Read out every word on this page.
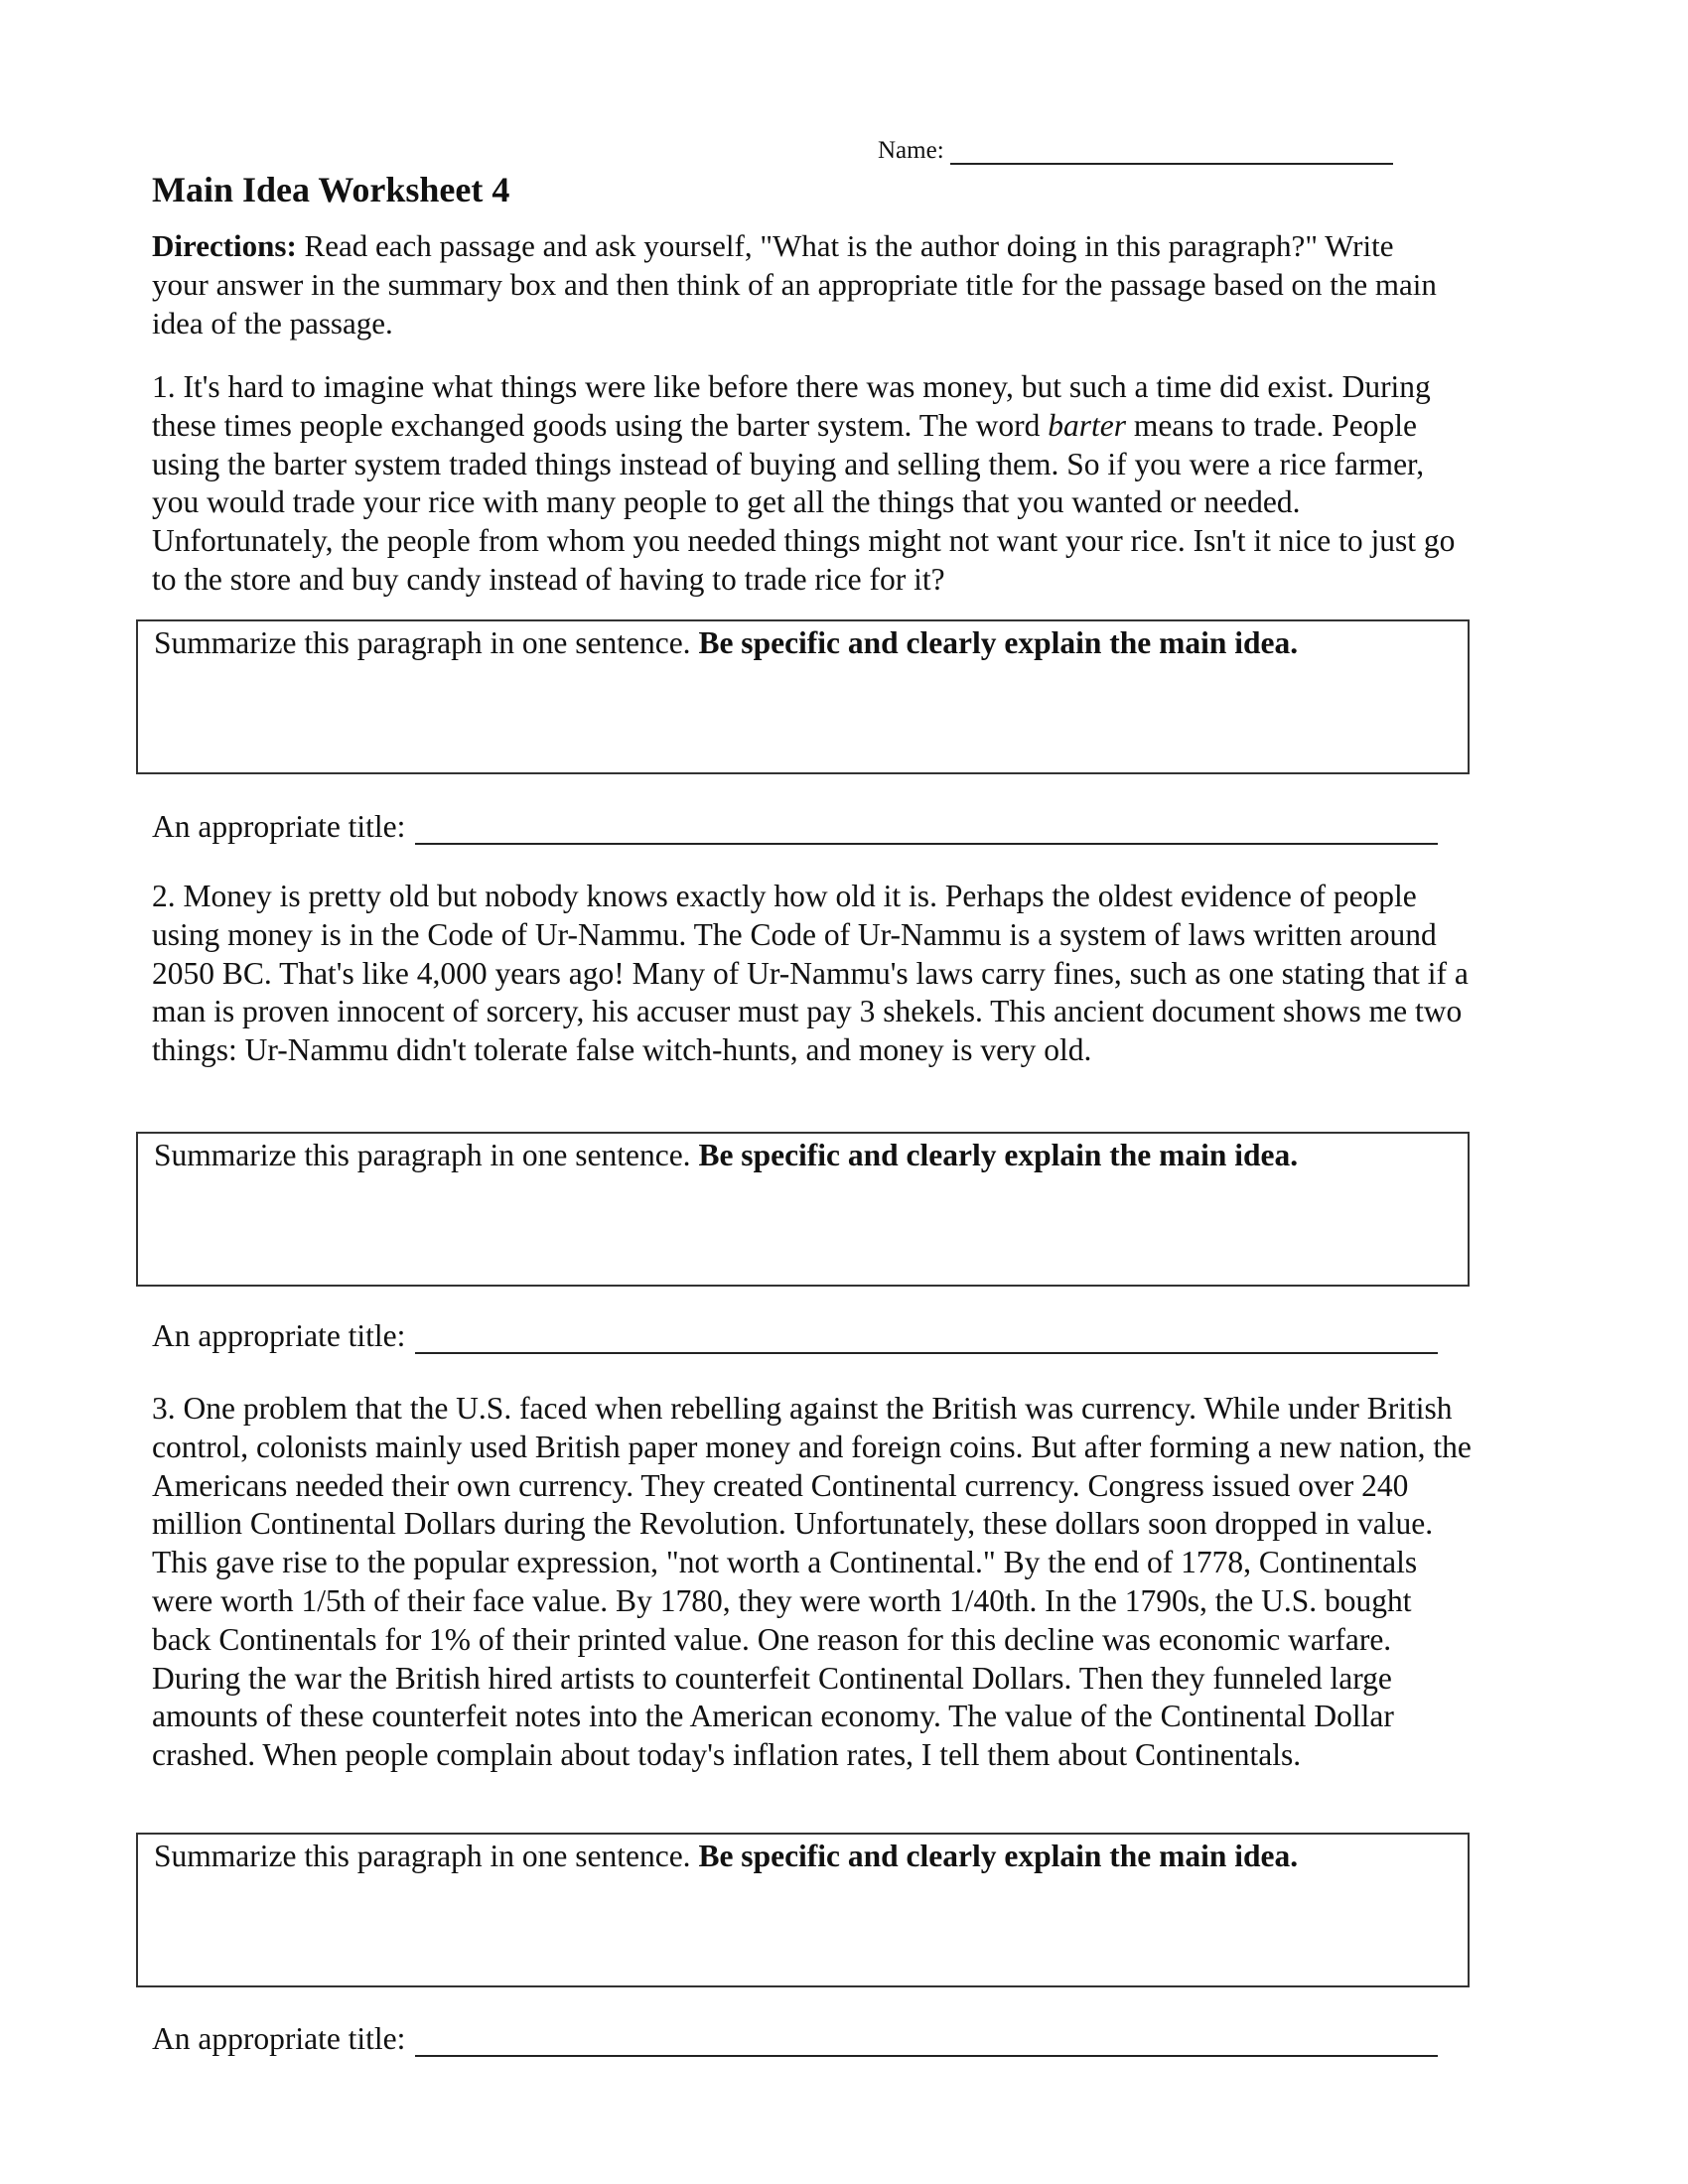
Name:
Main Idea Worksheet 4

Directions: Read each passage and ask yourself, "What is the author doing in this paragraph?" Write your answer in the summary box and then think of an appropriate title for the passage based on the main idea of the passage.

1. It's hard to imagine what things were like before there was money, but such a time did exist. During these times people exchanged goods using the barter system. The word barter means to trade. People using the barter system traded things instead of buying and selling them. So if you were a rice farmer, you would trade your rice with many people to get all the things that you wanted or needed. Unfortunately, the people from whom you needed things might not want your rice. Isn't it nice to just go to the store and buy candy instead of having to trade rice for it?

Summarize this paragraph in one sentence. Be specific and clearly explain the main idea.

An appropriate title:

2. Money is pretty old but nobody knows exactly how old it is. Perhaps the oldest evidence of people using money is in the Code of Ur-Nammu. The Code of Ur-Nammu is a system of laws written around 2050 BC. That's like 4,000 years ago! Many of Ur-Nammu's laws carry fines, such as one stating that if a man is proven innocent of sorcery, his accuser must pay 3 shekels. This ancient document shows me two things: Ur-Nammu didn't tolerate false witch-hunts, and money is very old.

Summarize this paragraph in one sentence. Be specific and clearly explain the main idea.

An appropriate title:

3. One problem that the U.S. faced when rebelling against the British was currency. While under British control, colonists mainly used British paper money and foreign coins. But after forming a new nation, the Americans needed their own currency. They created Continental currency. Congress issued over 240 million Continental Dollars during the Revolution. Unfortunately, these dollars soon dropped in value. This gave rise to the popular expression, "not worth a Continental." By the end of 1778, Continentals were worth 1/5th of their face value. By 1780, they were worth 1/40th. In the 1790s, the U.S. bought back Continentals for 1% of their printed value. One reason for this decline was economic warfare. During the war the British hired artists to counterfeit Continental Dollars. Then they funneled large amounts of these counterfeit notes into the American economy. The value of the Continental Dollar crashed. When people complain about today's inflation rates, I tell them about Continentals.

Summarize this paragraph in one sentence. Be specific and clearly explain the main idea.

An appropriate title:
